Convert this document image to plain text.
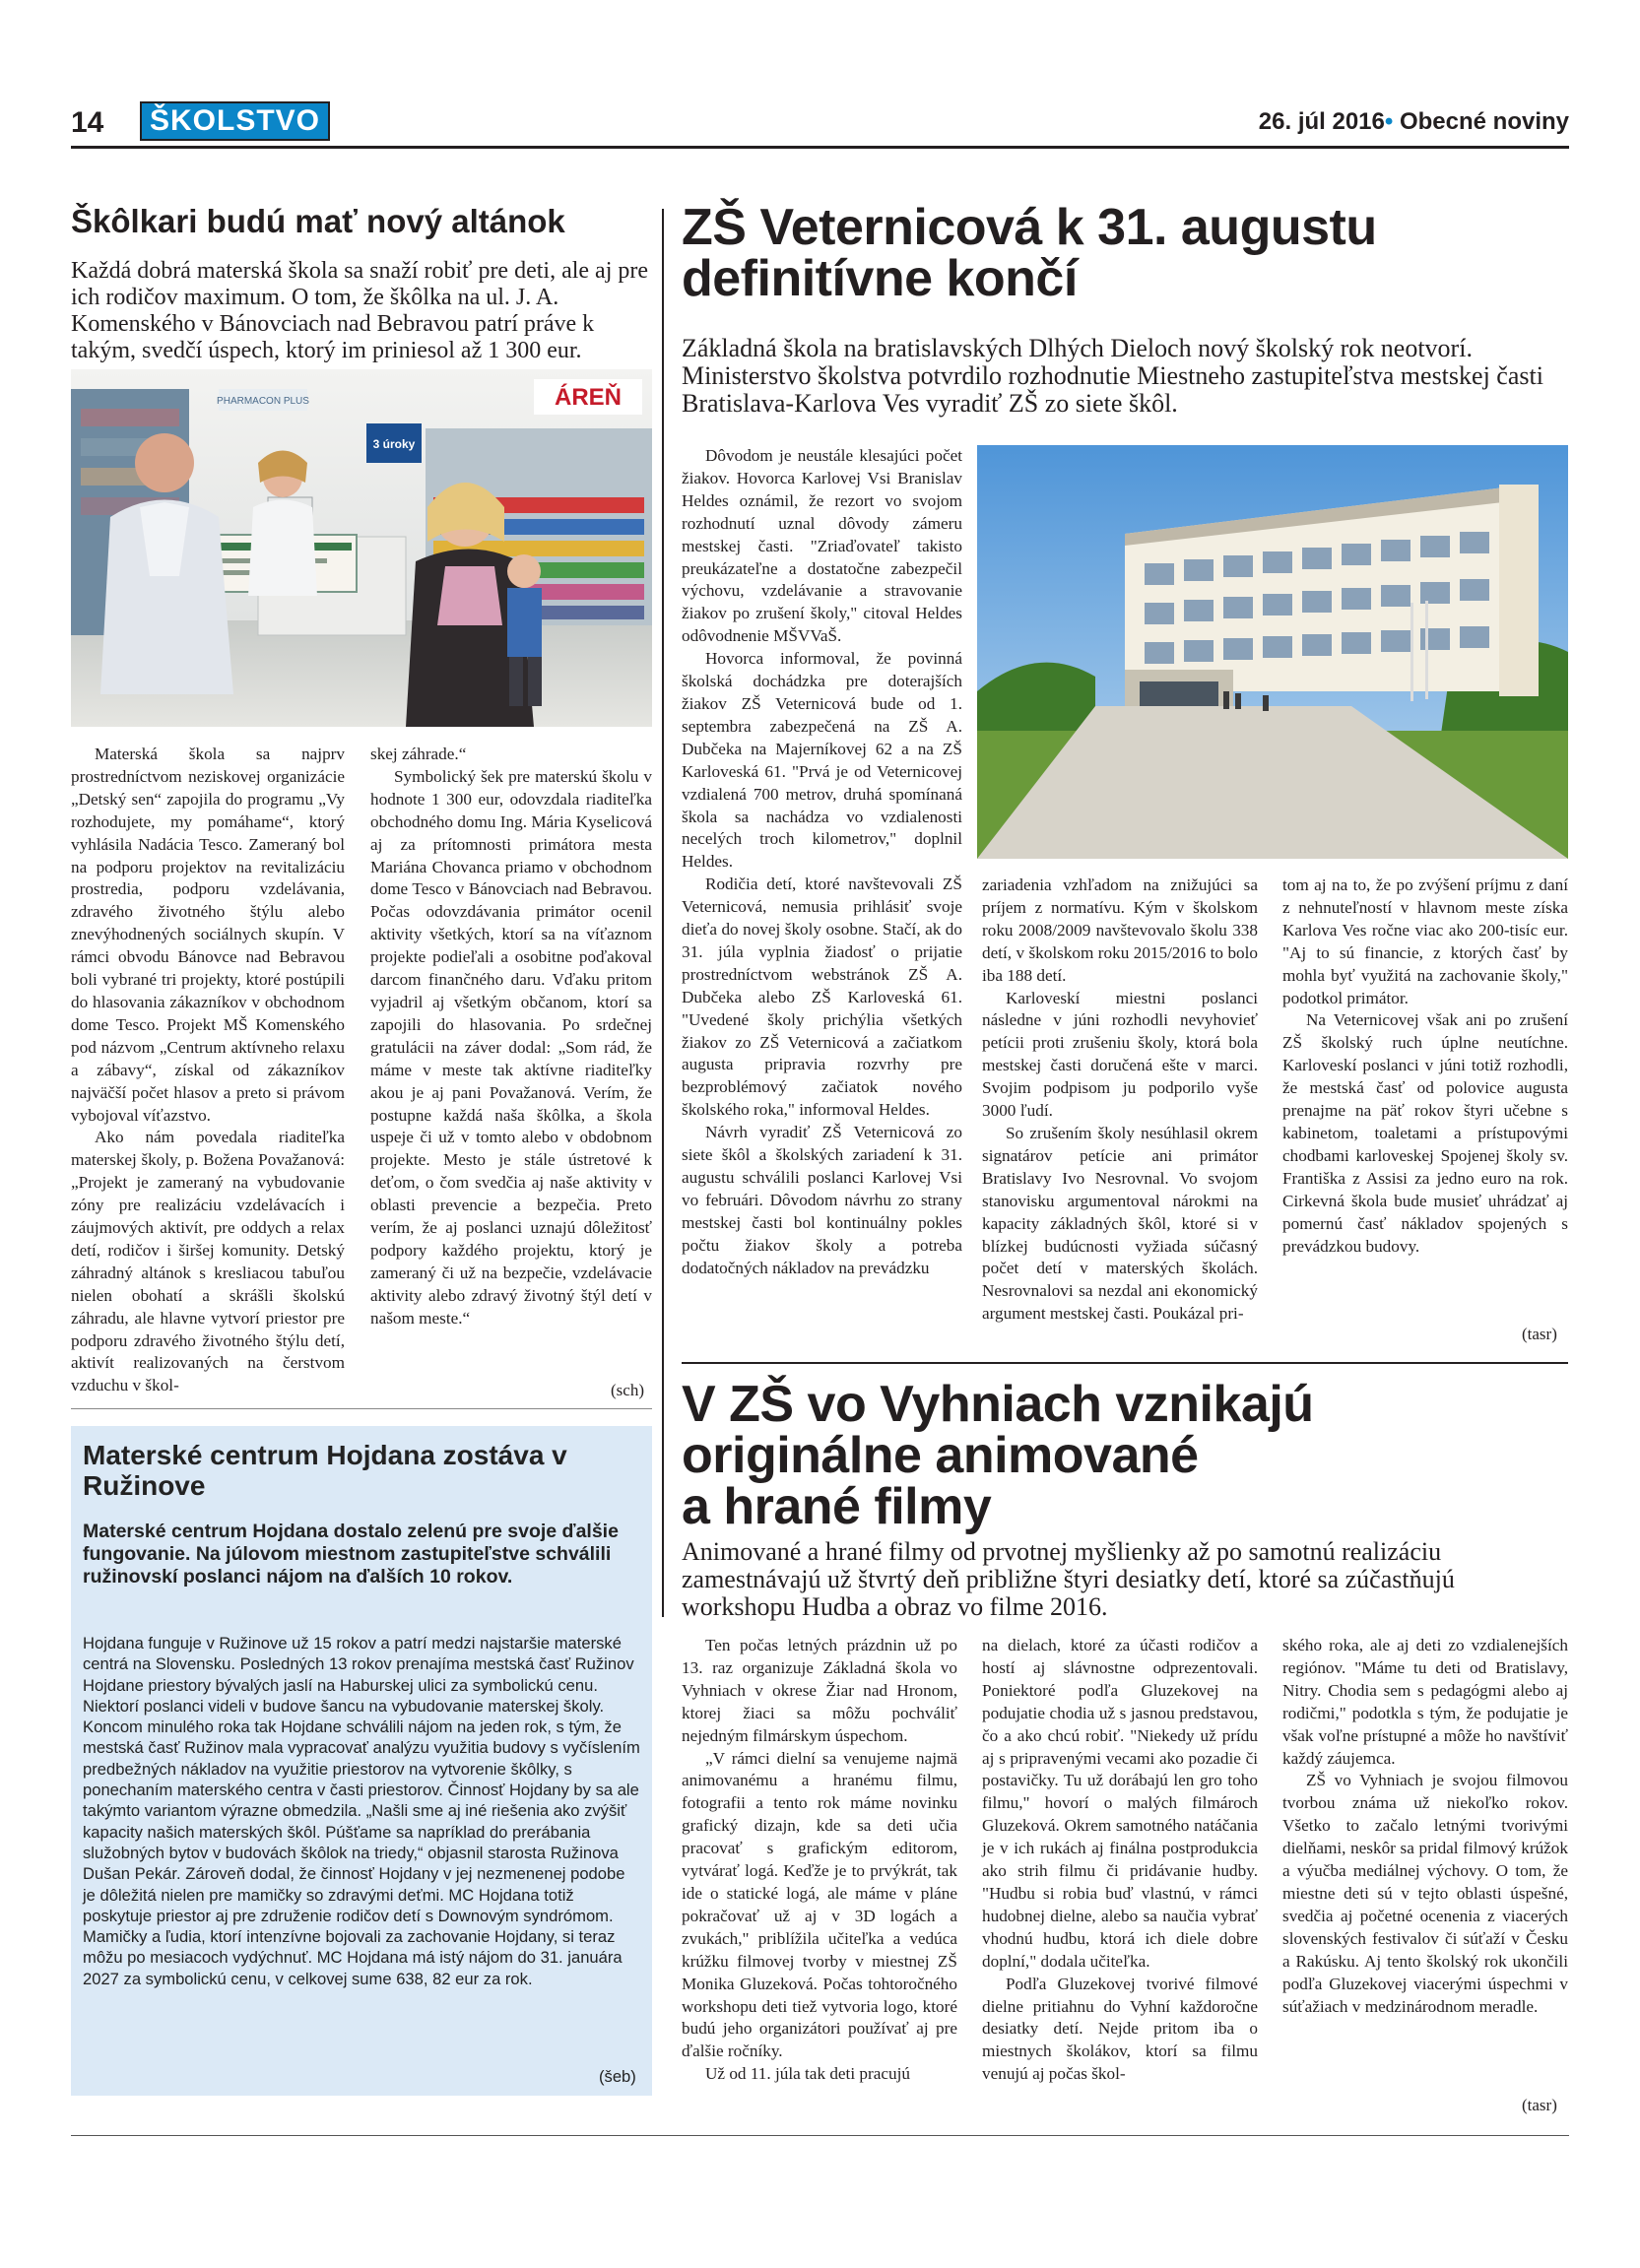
14	ŠKOLSTVO	26. júl 2016• Obecné noviny
Škôlkari budú mať nový altánok
Každá dobrá materská škola sa snaží robiť pre deti, ale aj pre ich rodičov maximum. O tom, že škôlka na ul. J. A. Komenského v Bánovciach nad Bebravou patrí práve k takým, svedčí úspech, ktorý im priniesol až 1 300 eur.
ÁREŇ
PHARMACON PLUS
3 úroky

Materská škola sa najprv prostredníctvom neziskovej organizácie „Detský sen“ zapojila do programu „Vy rozhodujete, my pomáhame“, ktorý vyhlásila Nadácia Tesco. Zameraný bol na podporu projektov na revitalizáciu prostredia, podporu vzdelávania, zdravého životného štýlu alebo znevýhodnených sociálnych skupín. V rámci obvodu Bánovce nad Bebravou boli vybrané tri projekty, ktoré postúpili do hlasovania zákazníkov v obchodnom dome Tesco. Projekt MŠ Komenského pod názvom „Centrum aktívneho relaxu a zábavy“, získal od zákazníkov najväčší počet hlasov a preto si právom vybojoval víťazstvo.

Ako nám povedala riaditeľka materskej školy, p. Božena Považanová: „Projekt je zameraný na vybudovanie zóny pre realizáciu vzdelávacích i záujmových aktivít, pre oddych a relax detí, rodičov i širšej komunity. Detský záhradný altánok s kresliacou tabuľou nielen obohatí a skrášli školskú záhradu, ale hlavne vytvorí priestor pre podporu zdravého životného štýlu detí, aktivít realizovaných na čerstvom vzduchu v škol-

skej záhrade.“

Symbolický šek pre materskú školu v hodnote 1 300 eur, odovzdala riaditeľka obchodného domu Ing. Mária Kyselicová aj za prítomnosti primátora mesta Mariána Chovanca priamo v obchodnom dome Tesco v Bánovciach nad Bebravou. Počas odovzdávania primátor ocenil aktivity všetkých, ktorí sa na víťaznom projekte podieľali a osobitne poďakoval darcom finančného daru. Vďaku pritom vyjadril aj všetkým občanom, ktorí sa zapojili do hlasovania. Po srdečnej gratulácii na záver dodal: „Som rád, že máme v meste tak aktívne riaditeľky akou je aj pani Považanová. Verím, že postupne každá naša škôlka, a škola uspeje či už v tomto alebo v obdobnom projekte. Mesto je stále ústretové k deťom, o čom svedčia aj naše aktivity v oblasti prevencie a bezpečia. Preto verím, že aj poslanci uznajú dôležitosť podpory každého projektu, ktorý je zameraný či už na bezpečie, vzdelávacie aktivity alebo zdravý životný štýl detí v našom meste.“

(sch)
Materské centrum Hojdana zostáva v Ružinove
Materské centrum Hojdana dostalo zelenú pre svoje ďalšie fungovanie. Na júlovom miestnom zastupiteľstve schválili ružinovskí poslanci nájom na ďalších 10 rokov.
Hojdana funguje v Ružinove už 15 rokov a patrí medzi najstaršie materské centrá na Slovensku. Posledných 13 rokov prenajíma mestská časť Ružinov Hojdane priestory bývalých jaslí na Haburskej ulici za symbolickú cenu. Niektorí poslanci videli v budove šancu na vybudovanie materskej školy. Koncom minulého roka tak Hojdane schválili nájom na jeden rok, s tým, že mestská časť Ružinov mala vypracovať analýzu využitia budovy s vyčíslením predbežných nákladov na využitie priestorov na vytvorenie škôlky, s ponechaním materského centra v časti priestorov. Činnosť Hojdany by sa ale takýmto variantom výrazne obmedzila. „Našli sme aj iné riešenia ako zvýšiť kapacity našich materských škôl. Púšťame sa napríklad do prerábania služobných bytov v budovách škôlok na triedy,“ objasnil starosta Ružinova Dušan Pekár. Zároveň dodal, že činnosť Hojdany v jej nezmenenej podobe je dôležitá nielen pre mamičky so zdravými deťmi. MC Hojdana totiž poskytuje priestor aj pre združenie rodičov detí s Downovým syndrómom.
Mamičky a ľudia, ktorí intenzívne bojovali za zachovanie Hojdany, si teraz môžu po mesiacoch vydýchnuť. MC Hojdana má istý nájom do 31. januára 2027 za symbolickú cenu, v celkovej sume 638, 82 eur za rok.
(šeb)
ZŠ Veternicová k 31. augustu
definitívne končí
Základná škola na bratislavských Dlhých Dieloch nový školský rok neotvorí. Ministerstvo školstva potvrdilo rozhodnutie Miestneho zastupiteľstva mestskej časti Bratislava-Karlova Ves vyradiť ZŠ zo siete škôl.

Dôvodom je neustále klesajúci počet žiakov. Hovorca Karlovej Vsi Branislav Heldes oznámil, že rezort vo svojom rozhodnutí uznal dôvody zámeru mestskej časti. "Zriaďovateľ takisto preukázateľne a dostatočne zabezpečil výchovu, vzdelávanie a stravovanie žiakov po zrušení školy," citoval Heldes odôvodnenie MŠVVaŠ.

Hovorca informoval, že povinná školská dochádzka pre doterajších žiakov ZŠ Veternicová bude od 1. septembra zabezpečená na ZŠ A. Dubčeka na Majerníkovej 62 a na ZŠ Karloveská 61. "Prvá je od Veternicovej vzdialená 700 metrov, druhá spomínaná škola sa nachádza vo vzdialenosti necelých troch kilometrov," doplnil Heldes.

Rodičia detí, ktoré navštevovali ZŠ Veternicová, nemusia prihlásiť svoje dieťa do novej školy osobne. Stačí, ak do 31. júla vyplnia žiadosť o prijatie prostredníctvom webstránok ZŠ A. Dubčeka alebo ZŠ Karloveská 61. "Uvedené školy prichýlia všetkých žiakov zo ZŠ Veternicová a začiatkom augusta pripravia rozvrhy pre bezproblémový začiatok nového školského roka," informoval Heldes.

Návrh vyradiť ZŠ Veternicová zo siete škôl a školských zariadení k 31. augustu schválili poslanci Karlovej Vsi vo februári. Dôvodom návrhu zo strany mestskej časti bol kontinuálny pokles počtu žiakov školy a potreba dodatočných nákladov na prevádzku

zariadenia vzhľadom na znižujúci sa príjem z normatívu. Kým v školskom roku 2008/2009 navštevovalo školu 338 detí, v školskom roku 2015/2016 to bolo iba 188 detí.

Karloveskí miestni poslanci následne v júni rozhodli nevyhovieť petícii proti zrušeniu školy, ktorá bola mestskej časti doručená ešte v marci. Svojim podpisom ju podporilo vyše 3000 ľudí.

So zrušením školy nesúhlasil okrem signatárov petície ani primátor Bratislavy Ivo Nesrovnal. Vo svojom stanovisku argumentoval nárokmi na kapacity základných škôl, ktoré si v blízkej budúcnosti vyžiada súčasný počet detí v materských školách. Nesrovnalovi sa nezdal ani ekonomický argument mestskej časti. Poukázal pri-

tom aj na to, že po zvýšení príjmu z daní z nehnuteľností v hlavnom meste získa Karlova Ves ročne viac ako 200-tisíc eur. "Aj to sú financie, z ktorých časť by mohla byť využitá na zachovanie školy," podotkol primátor.

Na Veternicovej však ani po zrušení ZŠ školský ruch úplne neutíchne. Karloveskí poslanci v júni totiž rozhodli, že mestská časť od polovice augusta prenajme na päť rokov štyri učebne s kabinetom, toaletami a prístupovými chodbami karloveskej Spojenej školy sv. Františka z Assisi za jedno euro na rok. Cirkevná škola bude musieť uhrádzať aj pomernú časť nákladov spojených s prevádzkou budovy.

(tasr)
V ZŠ vo Vyhniach vznikajú
originálne animované
a hrané filmy
Animované a hrané filmy od prvotnej myšlienky až po samotnú realizáciu zamestnávajú už štvrtý deň približne štyri desiatky detí, ktoré sa zúčastňujú workshopu Hudba a obraz vo filme 2016.

Ten počas letných prázdnin už po 13. raz organizuje Základná škola vo Vyhniach v okrese Žiar nad Hronom, ktorej žiaci sa môžu pochváliť nejedným filmárskym úspechom.

„V rámci dielní sa venujeme najmä animovanému a hranému filmu, fotografii a tento rok máme novinku grafický dizajn, kde sa deti učia pracovať s grafickým editorom, vytvárať logá. Keďže je to prvýkrát, tak ide o statické logá, ale máme v pláne pokračovať už aj v 3D logách a zvukách," priblížila učiteľka a vedúca krúžku filmovej tvorby v miestnej ZŠ Monika Gluzeková. Počas tohtoročného workshopu deti tiež vytvoria logo, ktoré budú jeho organizátori používať aj pre ďalšie ročníky.

Už od 11. júla tak deti pracujú

na dielach, ktoré za účasti rodičov a hostí aj slávnostne odprezentovali. Poniektoré podľa Gluzekovej na podujatie chodia už s jasnou predstavou, čo a ako chcú robiť. "Niekedy už prídu aj s pripravenými vecami ako pozadie či postavičky. Tu už dorábajú len gro toho filmu," hovorí o malých filmároch Gluzeková. Okrem samotného natáčania je v ich rukách aj finálna postprodukcia ako strih filmu či pridávanie hudby. "Hudbu si robia buď vlastnú, v rámci hudobnej dielne, alebo sa naučia vybrať vhodnú hudbu, ktorá ich diele dobre doplní," dodala učiteľka.

Podľa Gluzekovej tvorivé filmové dielne pritiahnu do Vyhní každoročne desiatky detí. Nejde pritom iba o miestnych školákov, ktorí sa filmu venujú aj počas škol-

ského roka, ale aj deti zo vzdialenejších regiónov. "Máme tu deti od Bratislavy, Nitry. Chodia sem s pedagógmi alebo aj rodičmi," podotkla s tým, že podujatie je však voľne prístupné a môže ho navštíviť každý záujemca.

ZŠ vo Vyhniach je svojou filmovou tvorbou známa už niekoľko rokov. Všetko to začalo letnými tvorivými dielňami, neskôr sa pridal filmový krúžok a výučba mediálnej výchovy. O tom, že miestne deti sú v tejto oblasti úspešné, svedčia aj početné ocenenia z viacerých slovenských festivalov či súťaží v Česku a Rakúsku. Aj tento školský rok ukončili podľa Gluzekovej viacerými úspechmi v súťažiach v medzinárodnom meradle.

(tasr)
